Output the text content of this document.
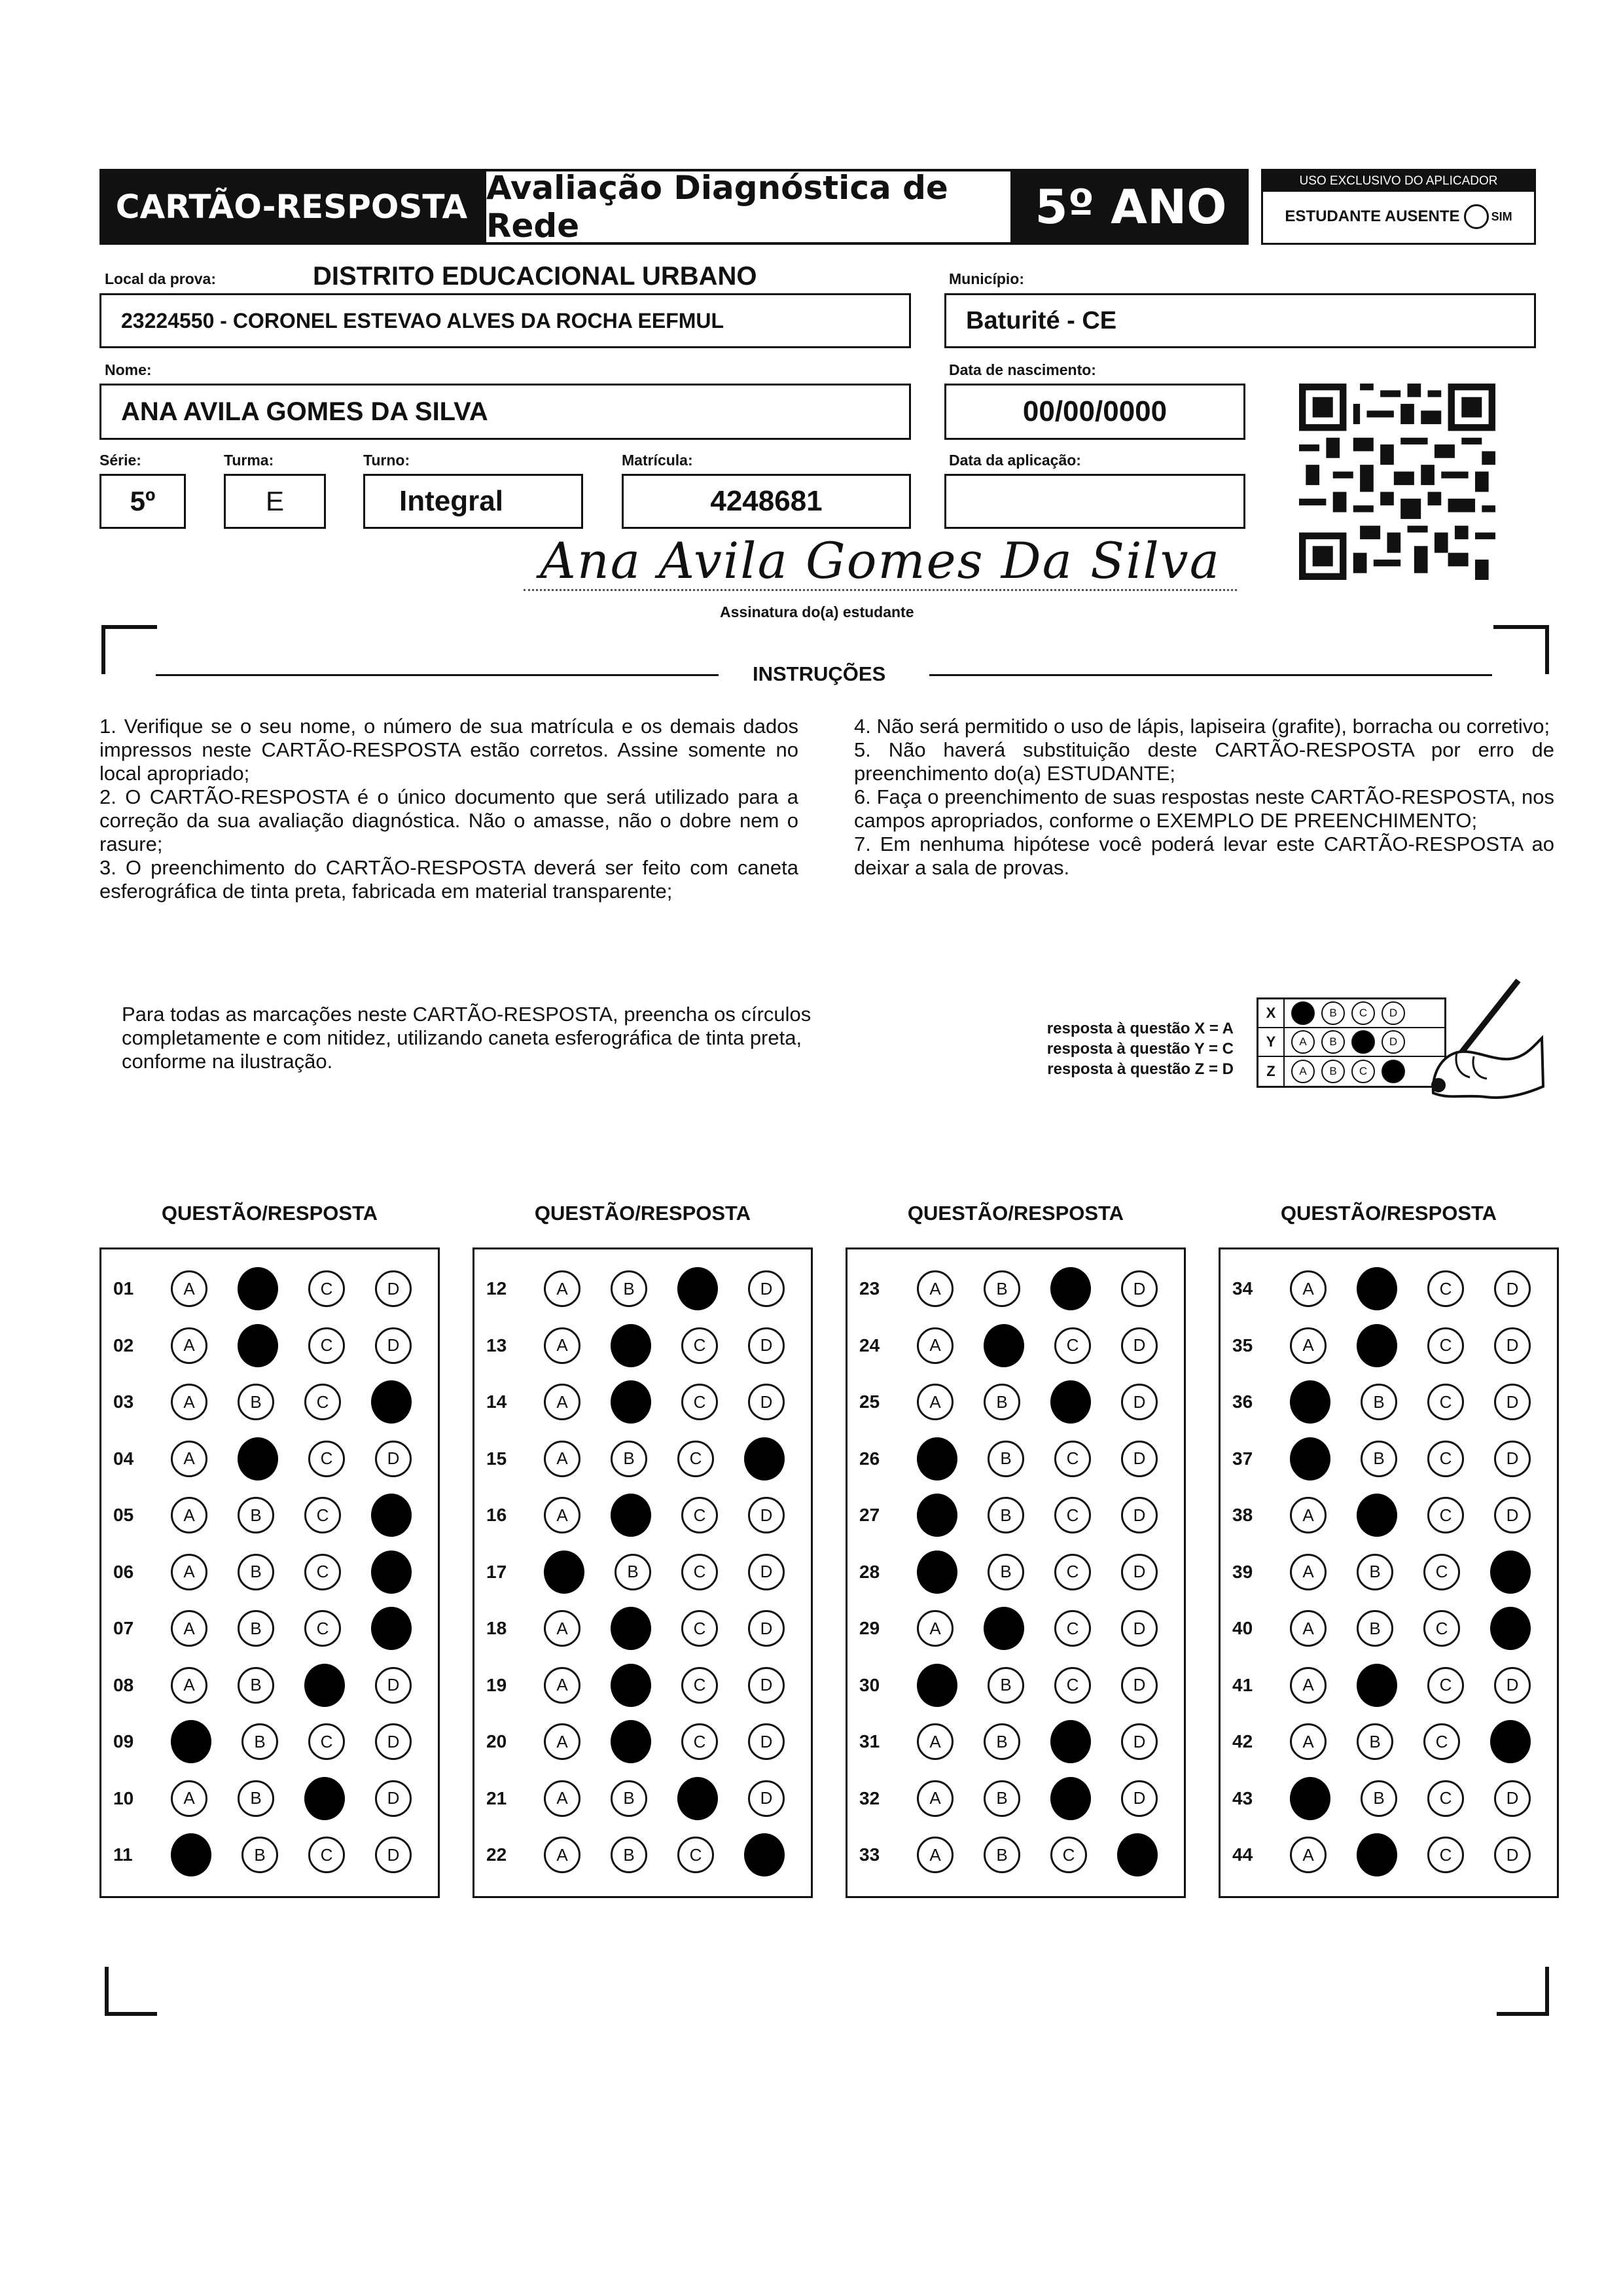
CARTÃO-RESPOSTA Avaliação Diagnóstica de Rede	5º ANO	USO EXCLUSIVO DO APLICADOR
ESTUDANTE AUSENTE	SIM
Local da prova:	DISTRITO EDUCACIONAL URBANO
23224550 - CORONEL ESTEVAO ALVES DA ROCHA EEFMUL
Município:
Baturité - CE
Nome:
ANA AVILA GOMES DA SILVA
Data de nascimento:
00/00/0000
Série:
5º
Turma:
E
Turno:
Integral
Matrícula:
4248681
Data da aplicação:
Ana Avila Gomes Da Silva
Assinatura do(a) estudante
INSTRUÇÕES

1. Verifique se o seu nome, o número de sua matrícula e os demais dados impressos neste CARTÃO-RESPOSTA estão corretos. Assine somente no local apropriado;

2. O CARTÃO-RESPOSTA é o único documento que será utilizado para a correção da sua avaliação diagnóstica. Não o amasse, não o dobre nem o rasure;

3. O preenchimento do CARTÃO-RESPOSTA deverá ser feito com caneta esferográfica de tinta preta, fabricada em material transparente;

4. Não será permitido o uso de lápis, lapiseira (grafite), borracha ou corretivo;

5. Não haverá substituição deste CARTÃO-RESPOSTA por erro de preenchimento do(a) ESTUDANTE;

6. Faça o preenchimento de suas respostas neste CARTÃO-RESPOSTA, nos campos apropriados, conforme o EXEMPLO DE PREENCHIMENTO;

7. Em nenhuma hipótese você poderá levar este CARTÃO-RESPOSTA ao deixar a sala de provas.

Para todas as marcações neste CARTÃO-RESPOSTA, preencha os círculos completamente e com nitidez, utilizando caneta esferográfica de tinta preta, conforme na ilustração.
resposta à questão X = A
resposta à questão Y = C
resposta à questão Z = D
X	B	C	D
Y	A	B	D
Z	A	B	C
QUESTÃO/RESPOSTA	QUESTÃO/RESPOSTA	QUESTÃO/RESPOSTA	QUESTÃO/RESPOSTA
01	A	B	C	D
02	A	B	C	D
03	A	B	C	D
04	A	B	C	D
05	A	B	C	D
06	A	B	C	D
07	A	B	C	D
08	A	B	C	D
09	A	B	C	D
10	A	B	C	D
11	A	B	C	D
12	A	B	C	D
13	A	B	C	D
14	A	B	C	D
15	A	B	C	D
16	A	B	C	D
17	A	B	C	D
18	A	B	C	D
19	A	B	C	D
20	A	B	C	D
21	A	B	C	D
22	A	B	C	D
23	A	B	C	D
24	A	B	C	D
25	A	B	C	D
26	A	B	C	D
27	A	B	C	D
28	A	B	C	D
29	A	B	C	D
30	A	B	C	D
31	A	B	C	D
32	A	B	C	D
33	A	B	C	D
34	A	B	C	D
35	A	B	C	D
36	A	B	C	D
37	A	B	C	D
38	A	B	C	D
39	A	B	C	D
40	A	B	C	D
41	A	B	C	D
42	A	B	C	D
43	A	B	C	D
44	A	B	C	D
